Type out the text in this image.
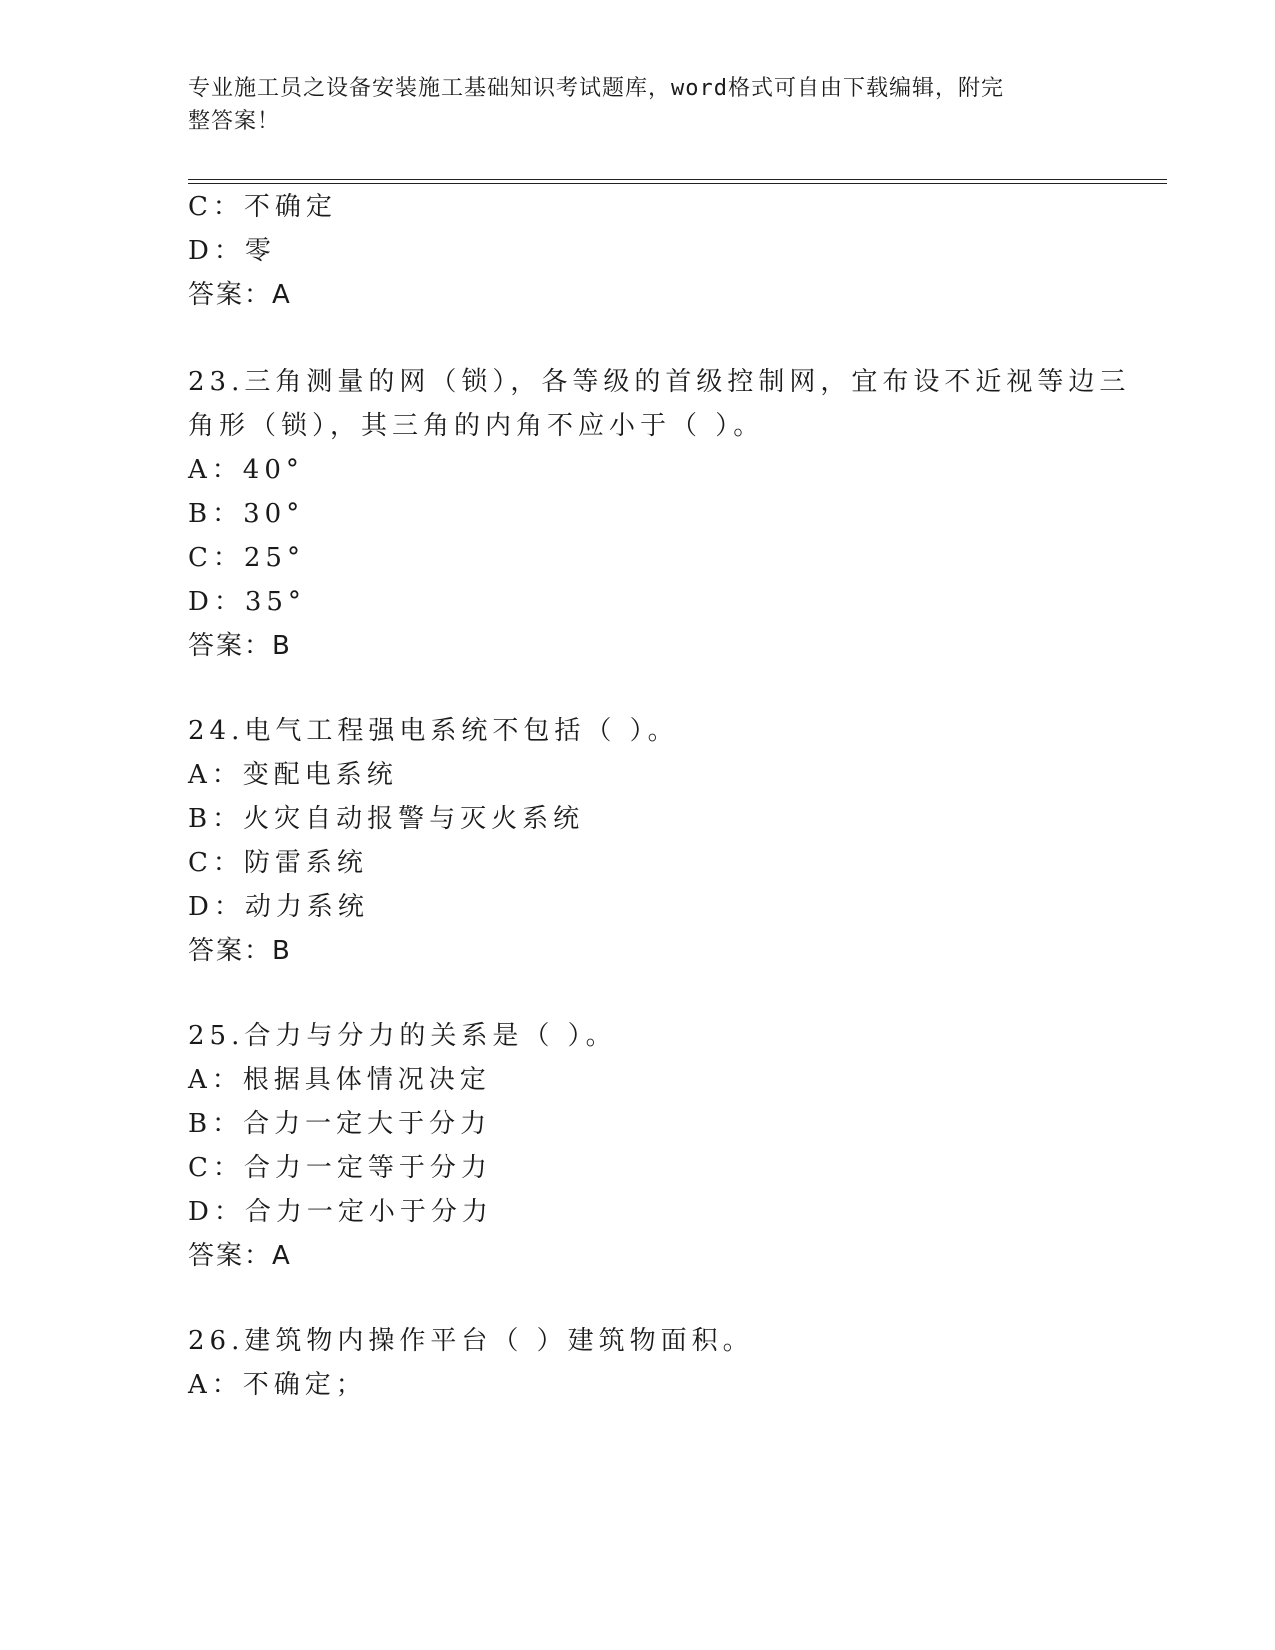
专业施工员之设备安装施工基础知识考试题库，word格式可自由下载编辑，附完
整答案！
C：不确定
D：零
答案：A
23.三角测量的网（锁），各等级的首级控制网，宜布设不近视等边三
角形（锁），其三角的内角不应小于（ ）。
A：40°
B：30°
C：25°
D：35°
答案：B
24.电气工程强电系统不包括（ ）。
A：变配电系统
B：火灾自动报警与灭火系统
C：防雷系统
D：动力系统
答案：B
25.合力与分力的关系是（ ）。
A：根据具体情况决定
B：合力一定大于分力
C：合力一定等于分力
D：合力一定小于分力
答案：A
26.建筑物内操作平台（ ）建筑物面积。
A：不确定；
